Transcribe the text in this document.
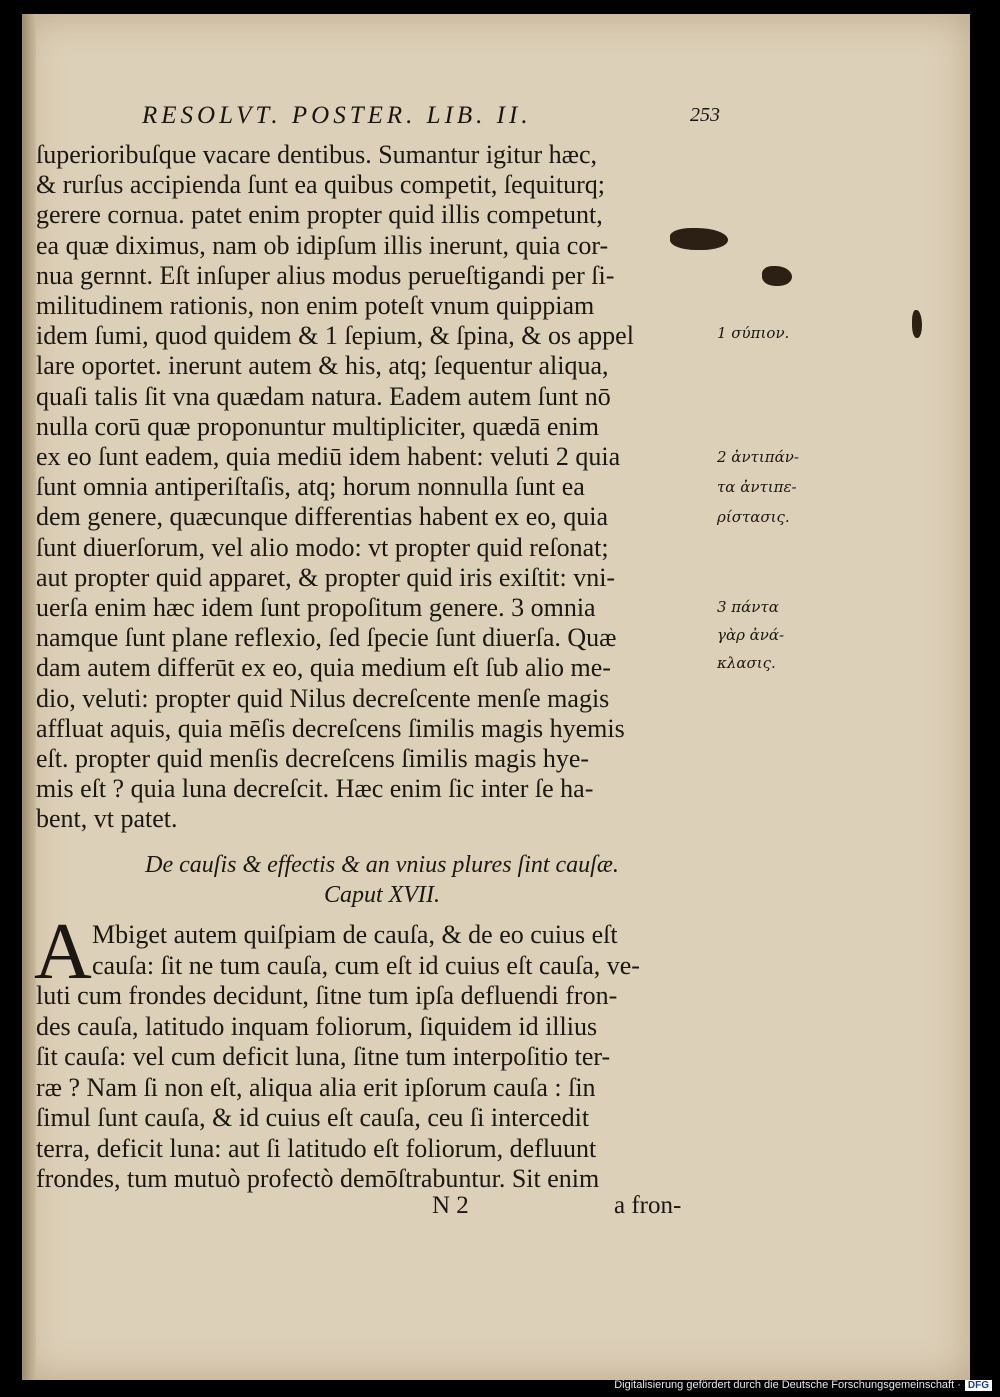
RESOLVT. POSTER. LIB. II.	253
ſuperioribuſque vacare dentibus. Sumantur igitur hæc,
& rurſus accipienda ſunt ea quibus competit, ſequiturq;
gerere cornua. patet enim propter quid illis competunt,
ea quæ diximus, nam ob idipſum illis inerunt, quia cor-
nua gernnt. Eſt inſuper alius modus perueſtigandi per ſi-
militudinem rationis, non enim poteſt vnum quippiam
idem ſumi, quod quidem & 1 ſepium, & ſpina, & os appel
lare oportet. inerunt autem & his, atq; ſequentur aliqua,
quaſi talis ſit vna quædam natura. Eadem autem ſunt nō
nulla corū quæ proponuntur multipliciter, quædā enim
ex eo ſunt eadem, quia mediū idem habent: veluti 2 quia
ſunt omnia antiperiſtaſis, atq; horum nonnulla ſunt ea
dem genere, quæcunque differentias habent ex eo, quia
ſunt diuerſorum, vel alio modo: vt propter quid reſonat;
aut propter quid apparet, & propter quid iris exiſtit: vni-
uerſa enim hæc idem ſunt propoſitum genere. 3 omnia
namque ſunt plane reflexio, ſed ſpecie ſunt diuerſa. Quæ
dam autem differūt ex eo, quia medium eſt ſub alio me-
dio, veluti: propter quid Nilus decreſcente menſe magis
affluat aquis, quia mēſis decreſcens ſimilis magis hyemis
eſt. propter quid menſis decreſcens ſimilis magis hye-
mis eſt ? quia luna decreſcit. Hæc enim ſic inter ſe ha-
bent, vt patet.
1 σύπιον.
2 ἀντιπάν-
τα ἀντιπε-
ρίστασις.
3 πάντα
γὰρ ἀνά-
κλασις.
De cauſis & effectis & an vnius plures ſint cauſæ.
Caput XVII.
A Mbiget autem quiſpiam de cauſa, & de eo cuius eſt
cauſa: ſit ne tum cauſa, cum eſt id cuius eſt cauſa, ve-
luti cum frondes decidunt, ſitne tum ipſa defluendi fron-
des cauſa, latitudo inquam foliorum, ſiquidem id illius
ſit cauſa: vel cum deficit luna, ſitne tum interpoſitio ter-
ræ ? Nam ſi non eſt, aliqua alia erit ipſorum cauſa : ſin
ſimul ſunt cauſa, & id cuius eſt cauſa, ceu ſi intercedit
terra, deficit luna: aut ſi latitudo eſt foliorum, defluunt
frondes, tum mutuò profectò demōſtrabuntur. Sit enim
N 2	a fron-
Digitalisierung gefördert durch die Deutsche Forschungsgemeinschaft · DFG
